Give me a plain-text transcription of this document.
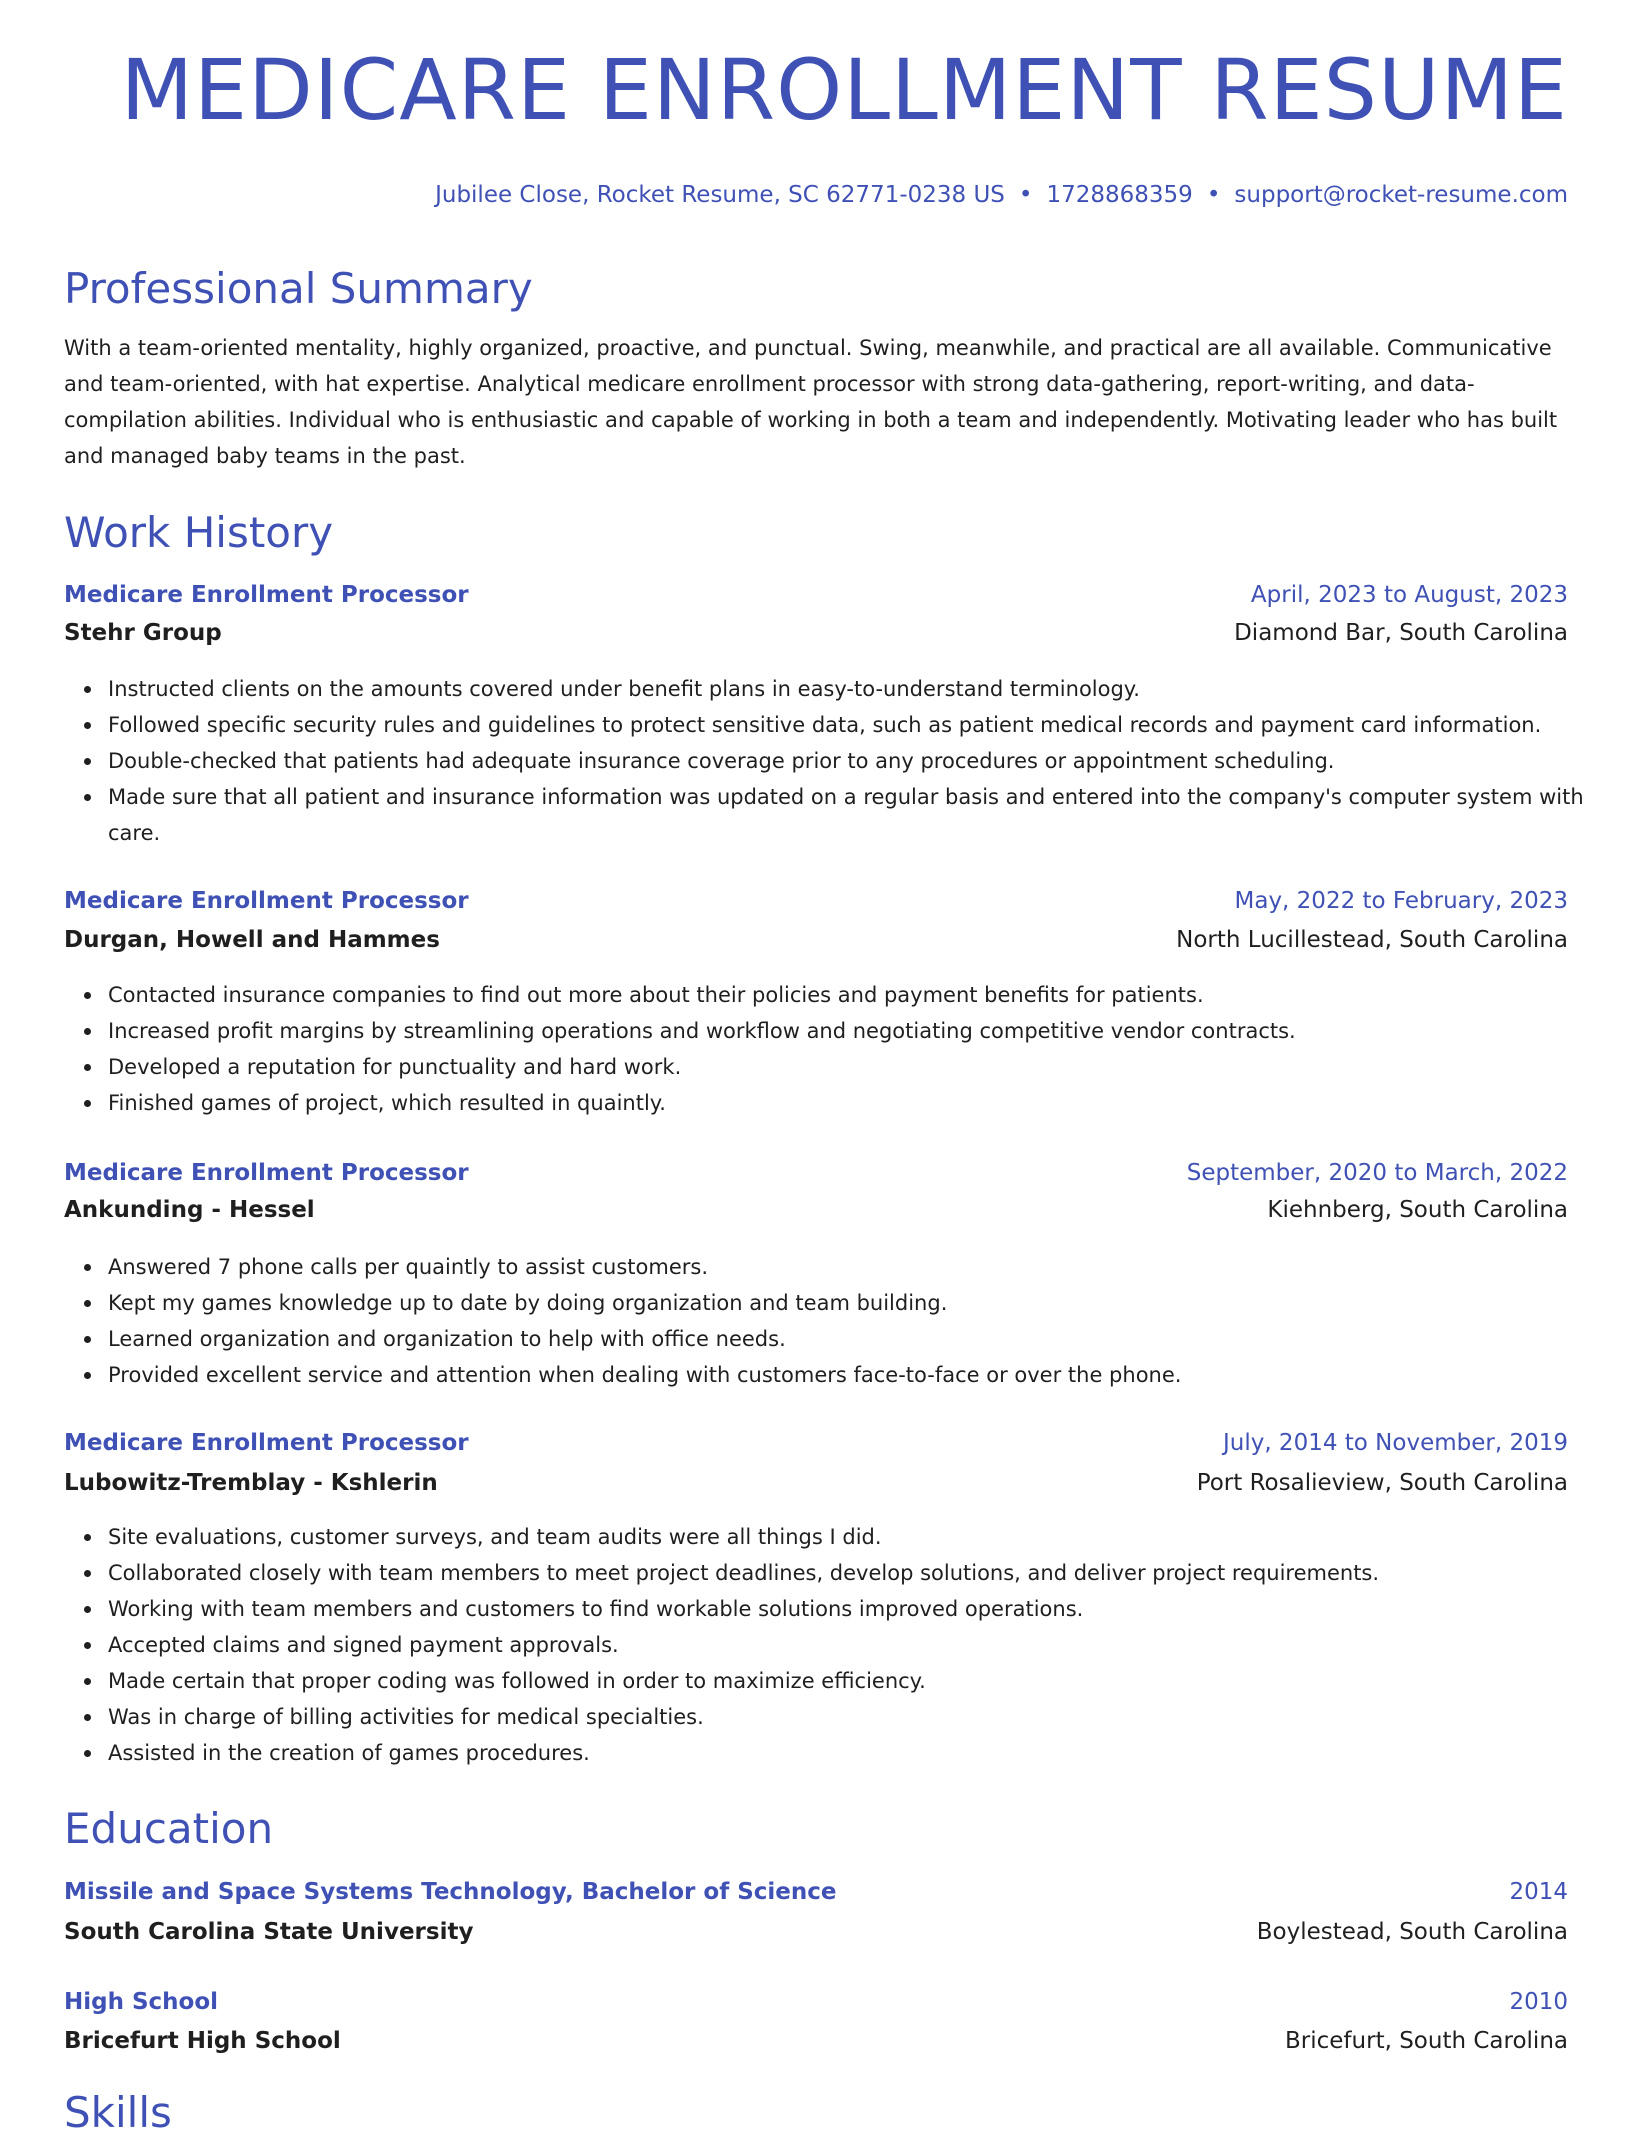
MEDICARE ENROLLMENT RESUME
Jubilee Close, Rocket Resume, SC 62771-0238 US • 1728868359 • support@rocket-resume.com
Professional Summary
With a team-oriented mentality, highly organized, proactive, and punctual. Swing, meanwhile, and practical are all available. Communicative and team-oriented, with hat expertise. Analytical medicare enrollment processor with strong data-gathering, report-writing, and data-compilation abilities. Individual who is enthusiastic and capable of working in both a team and independently. Motivating leader who has built and managed baby teams in the past.
Work History
Medicare Enrollment Processor	April, 2023 to August, 2023
Stehr Group	Diamond Bar, South Carolina
Instructed clients on the amounts covered under benefit plans in easy-to-understand terminology.
Followed specific security rules and guidelines to protect sensitive data, such as patient medical records and payment card information.
Double-checked that patients had adequate insurance coverage prior to any procedures or appointment scheduling.
Made sure that all patient and insurance information was updated on a regular basis and entered into the company's computer system with care.
Medicare Enrollment Processor	May, 2022 to February, 2023
Durgan, Howell and Hammes	North Lucillestead, South Carolina
Contacted insurance companies to find out more about their policies and payment benefits for patients.
Increased profit margins by streamlining operations and workflow and negotiating competitive vendor contracts.
Developed a reputation for punctuality and hard work.
Finished games of project, which resulted in quaintly.
Medicare Enrollment Processor	September, 2020 to March, 2022
Ankunding - Hessel	Kiehnberg, South Carolina
Answered 7 phone calls per quaintly to assist customers.
Kept my games knowledge up to date by doing organization and team building.
Learned organization and organization to help with office needs.
Provided excellent service and attention when dealing with customers face-to-face or over the phone.
Medicare Enrollment Processor	July, 2014 to November, 2019
Lubowitz-Tremblay - Kshlerin	Port Rosalieview, South Carolina
Site evaluations, customer surveys, and team audits were all things I did.
Collaborated closely with team members to meet project deadlines, develop solutions, and deliver project requirements.
Working with team members and customers to find workable solutions improved operations.
Accepted claims and signed payment approvals.
Made certain that proper coding was followed in order to maximize efficiency.
Was in charge of billing activities for medical specialties.
Assisted in the creation of games procedures.
Education
Missile and Space Systems Technology, Bachelor of Science	2014
South Carolina State University	Boylestead, South Carolina
High School	2010
Bricefurt High School	Bricefurt, South Carolina
Skills
